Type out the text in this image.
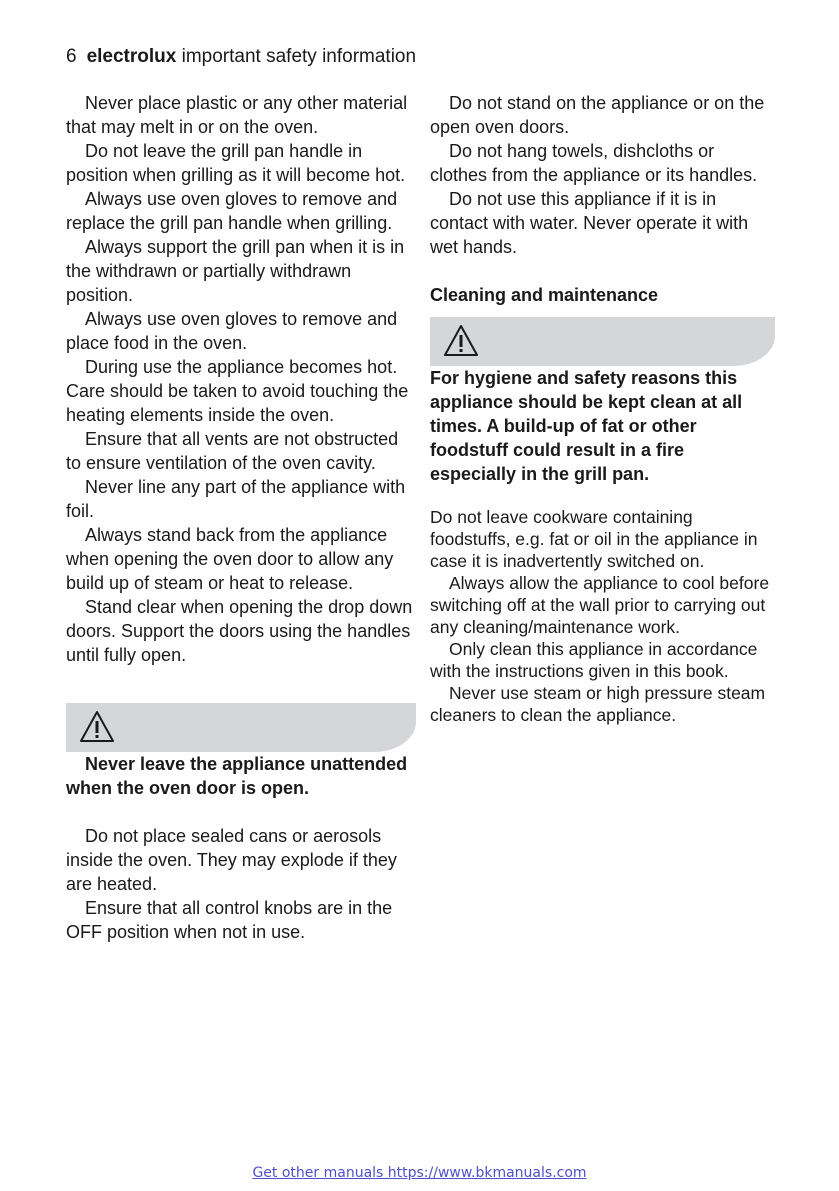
6 electrolux important safety information

Never place plastic or any other material that may melt in or on the oven.

Do not leave the grill pan handle in position when grilling as it will become hot.

Always use oven gloves to remove and replace the grill pan handle when grilling.

Always support the grill pan when it is in the withdrawn or partially withdrawn position.

Always use oven gloves to remove and place food in the oven.

During use the appliance becomes hot. Care should be taken to avoid touching the heating elements inside the oven.

Ensure that all vents are not obstructed to ensure ventilation of the oven cavity.

Never line any part of the appliance with foil.

Always stand back from the appliance when opening the oven door to allow any build up of steam or heat to release.

Stand clear when opening the drop down doors. Support the doors using the handles until fully open.

Never leave the appliance unattended when the oven door is open.

Do not place sealed cans or aerosols inside the oven. They may explode if they are heated.

Ensure that all control knobs are in the OFF position when not in use.

Do not stand on the appliance or on the open oven doors.

Do not hang towels, dishcloths or clothes from the appliance or its handles.

Do not use this appliance if it is in contact with water. Never operate it with wet hands.

Cleaning and maintenance

For hygiene and safety reasons this appliance should be kept clean at all times. A build-up of fat or other foodstuff could result in a fire especially in the grill pan.

Do not leave cookware containing foodstuffs, e.g. fat or oil in the appliance in case it is inadvertently switched on.

Always allow the appliance to cool before switching off at the wall prior to carrying out any cleaning/maintenance work.

Only clean this appliance in accordance with the instructions given in this book.

Never use steam or high pressure steam cleaners to clean the appliance.

Get other manuals https://www.bkmanuals.com
